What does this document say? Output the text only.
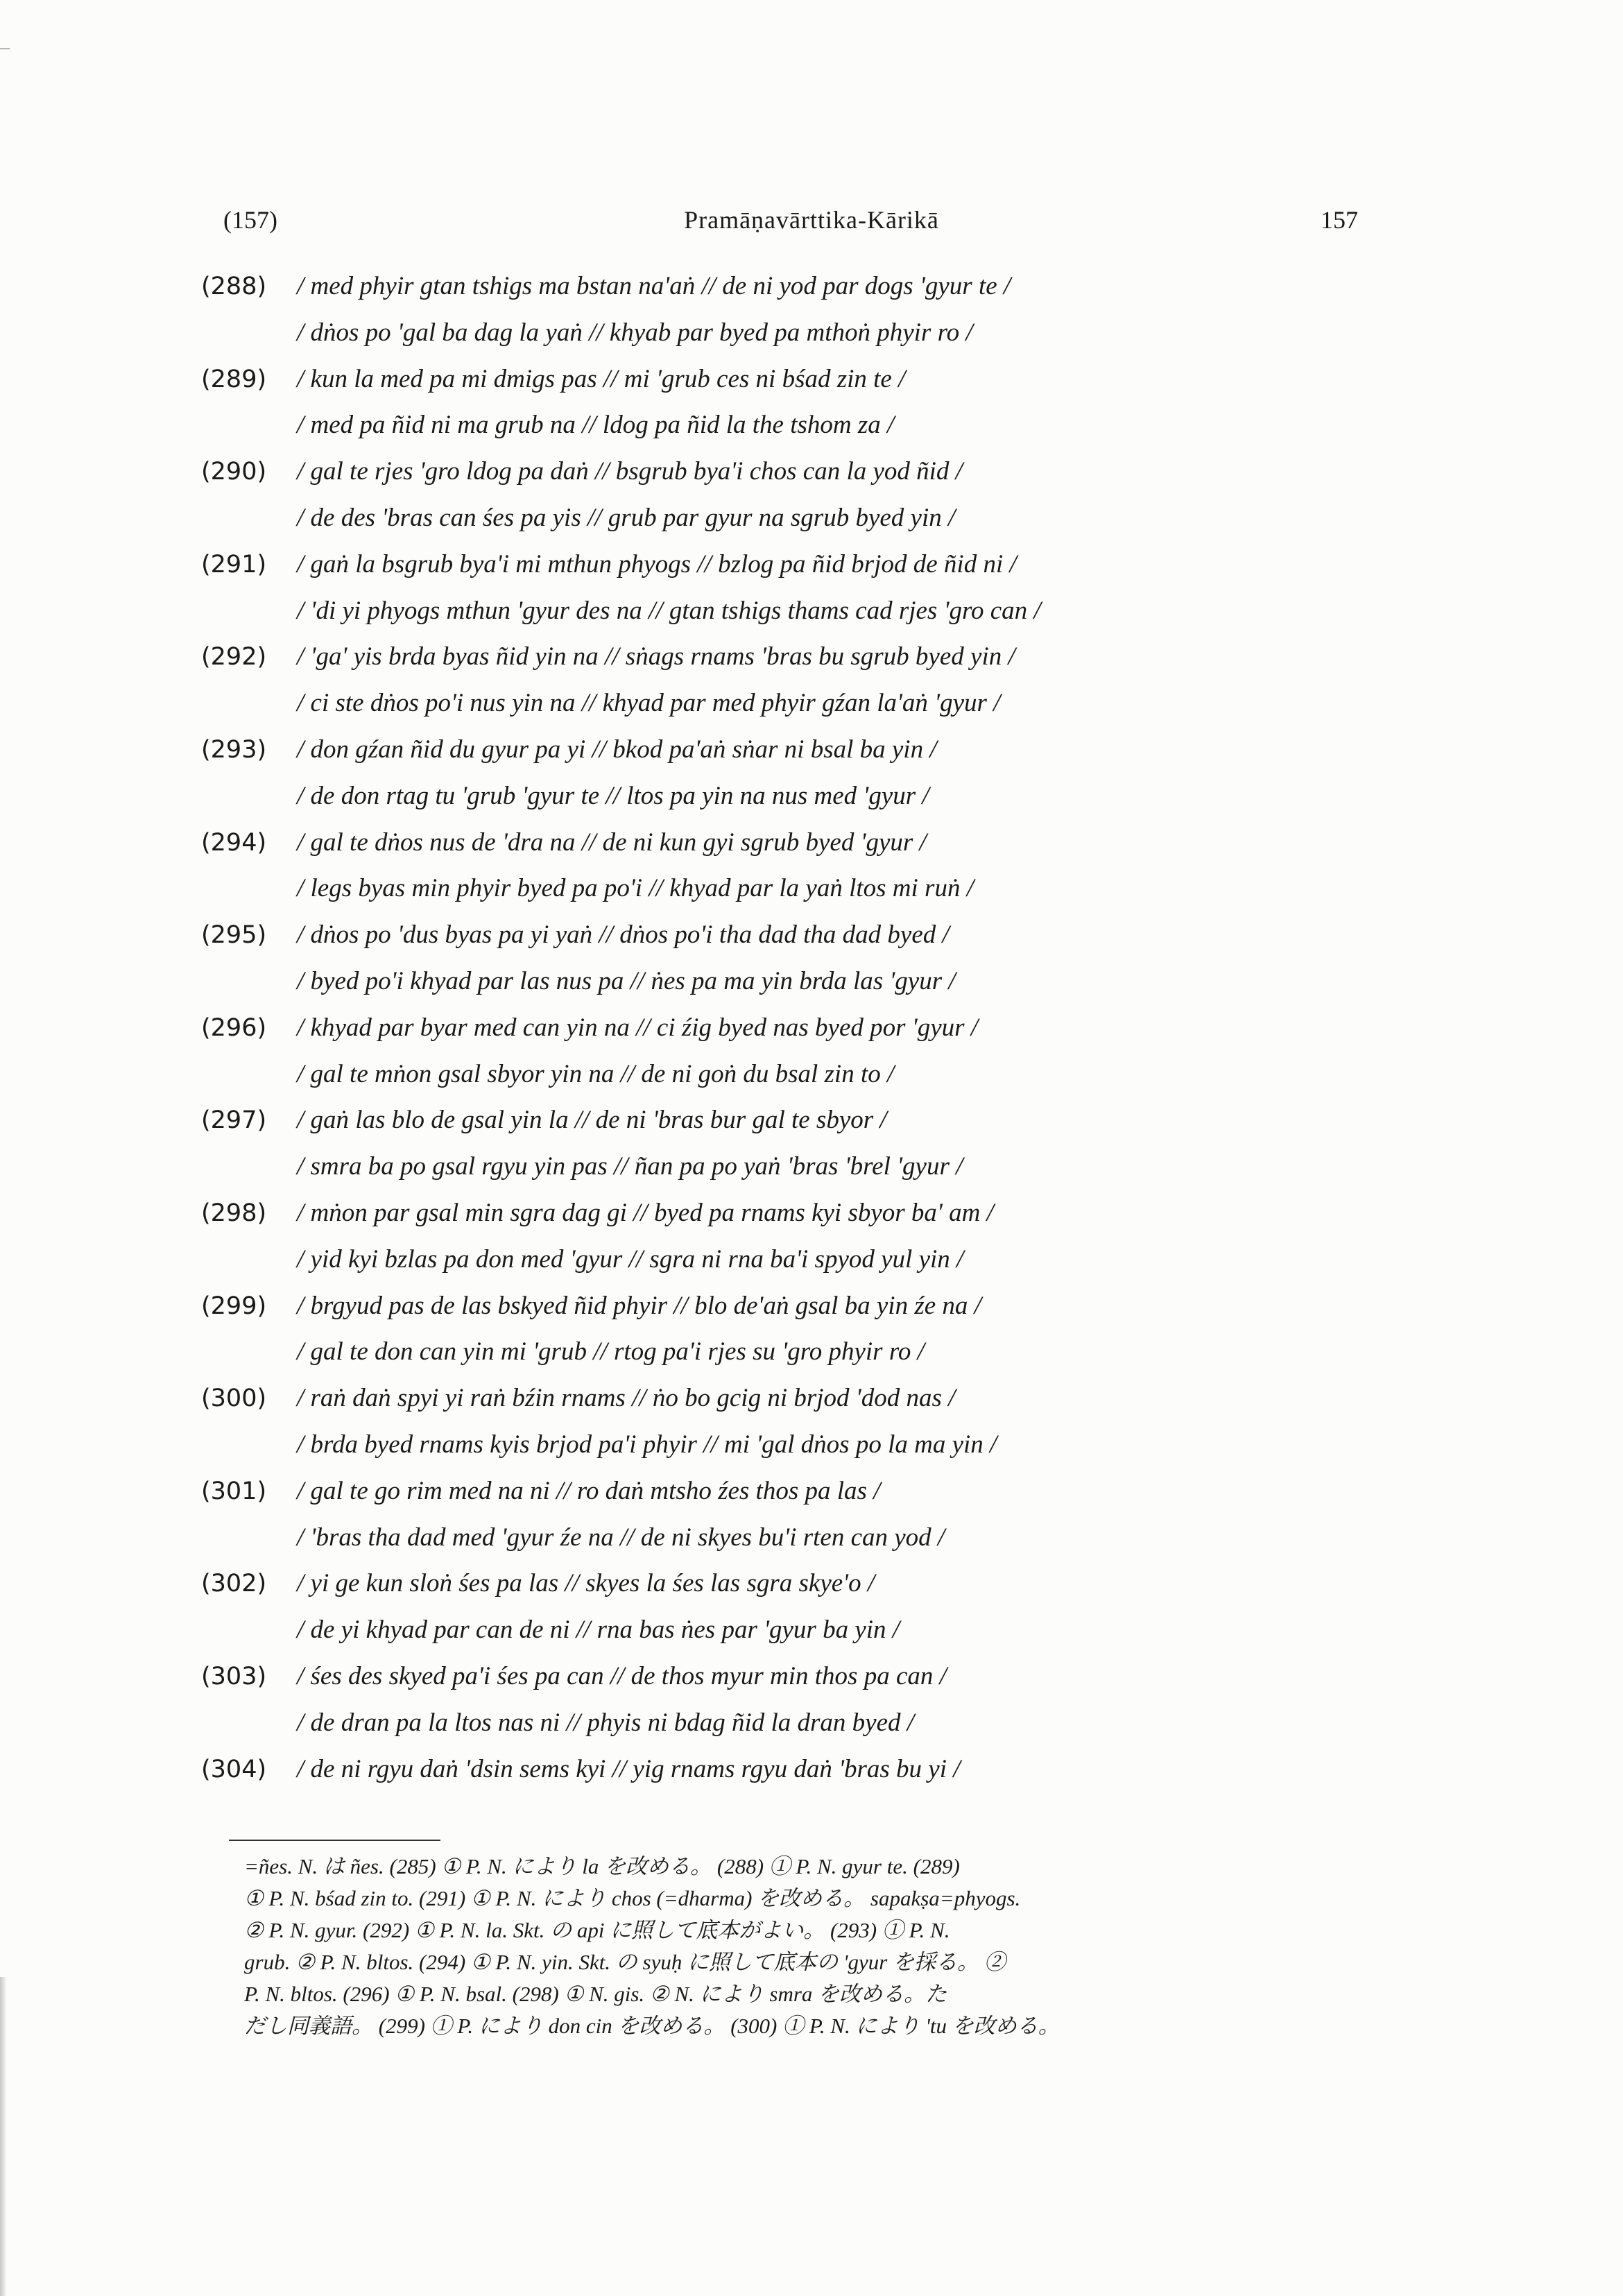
(157)	Pramāṇavārttika-Kārikā	157
(288) / med phyir gtan tshigs ma bstan na'aṅ // de ni yod par dogs 'gyur te /
/ dṅos po 'gal ba dag la yaṅ // khyab par byed pa mthoṅ phyir ro /
(289) / kun la med pa mi dmigs pas // mi 'grub ces ni bśad zin te /
/ med pa ñid ni ma grub na // ldog pa ñid la the tshom za /
(290) / gal te rjes 'gro ldog pa daṅ // bsgrub bya'i chos can la yod ñid /
/ de des 'bras can śes pa yis // grub par gyur na sgrub byed yin /
(291) / gaṅ la bsgrub bya'i mi mthun phyogs // bzlog pa ñid brjod de ñid ni /
/ 'di yi phyogs mthun 'gyur des na // gtan tshigs thams cad rjes 'gro can /
(292) / 'ga' yis brda byas ñid yin na // sṅags rnams 'bras bu sgrub byed yin /
/ ci ste dṅos po'i nus yin na // khyad par med phyir gźan la'aṅ 'gyur /
(293) / don gźan ñid du gyur pa yi // bkod pa'aṅ sṅar ni bsal ba yin /
/ de don rtag tu 'grub 'gyur te // ltos pa yin na nus med 'gyur /
(294) / gal te dṅos nus de 'dra na // de ni kun gyi sgrub byed 'gyur /
/ legs byas min phyir byed pa po'i // khyad par la yaṅ ltos mi ruṅ /
(295) / dṅos po 'dus byas pa yi yaṅ // dṅos po'i tha dad tha dad byed /
/ byed po'i khyad par las nus pa // ṅes pa ma yin brda las 'gyur /
(296) / khyad par byar med can yin na // ci źig byed nas byed por 'gyur /
/ gal te mṅon gsal sbyor yin na // de ni goṅ du bsal zin to /
(297) / gaṅ las blo de gsal yin la // de ni 'bras bur gal te sbyor /
/ smra ba po gsal rgyu yin pas // ñan pa po yaṅ 'bras 'brel 'gyur /
(298) / mṅon par gsal min sgra dag gi // byed pa rnams kyi sbyor ba' am /
/ yid kyi bzlas pa don med 'gyur // sgra ni rna ba'i spyod yul yin /
(299) / brgyud pas de las bskyed ñid phyir // blo de'aṅ gsal ba yin źe na /
/ gal te don can yin mi 'grub // rtog pa'i rjes su 'gro phyir ro /
(300) / raṅ daṅ spyi yi raṅ bźin rnams // ṅo bo gcig ni brjod 'dod nas /
/ brda byed rnams kyis brjod pa'i phyir // mi 'gal dṅos po la ma yin /
(301) / gal te go rim med na ni // ro daṅ mtsho źes thos pa las /
/ 'bras tha dad med 'gyur źe na // de ni skyes bu'i rten can yod /
(302) / yi ge kun sloṅ śes pa las // skyes la śes las sgra skye'o /
/ de yi khyad par can de ni // rna bas ṅes par 'gyur ba yin /
(303) / śes des skyed pa'i śes pa can // de thos myur min thos pa can /
/ de dran pa la ltos nas ni // phyis ni bdag ñid la dran byed /
(304) / de ni rgyu daṅ 'dsin sems kyi // yig rnams rgyu daṅ 'bras bu yi /

=ñes. N. は ñes. (285) ① P. N. により la を改める。 (288) ① P. N. gyur te. (289)

① P. N. bśad zin to. (291) ① P. N. により chos (=dharma) を改める。 sapakṣa=phyogs.

② P. N. gyur. (292) ① P. N. la. Skt. の api に照して底本がよい。 (293) ① P. N.

grub. ② P. N. bltos. (294) ① P. N. yin. Skt. の syuḥ に照して底本の 'gyur を採る。 ②

P. N. bltos. (296) ① P. N. bsal. (298) ① N. gis. ② N. により smra を改める。た

だし同義語。 (299) ① P. により don cin を改める。 (300) ① P. N. により 'tu を改める。
